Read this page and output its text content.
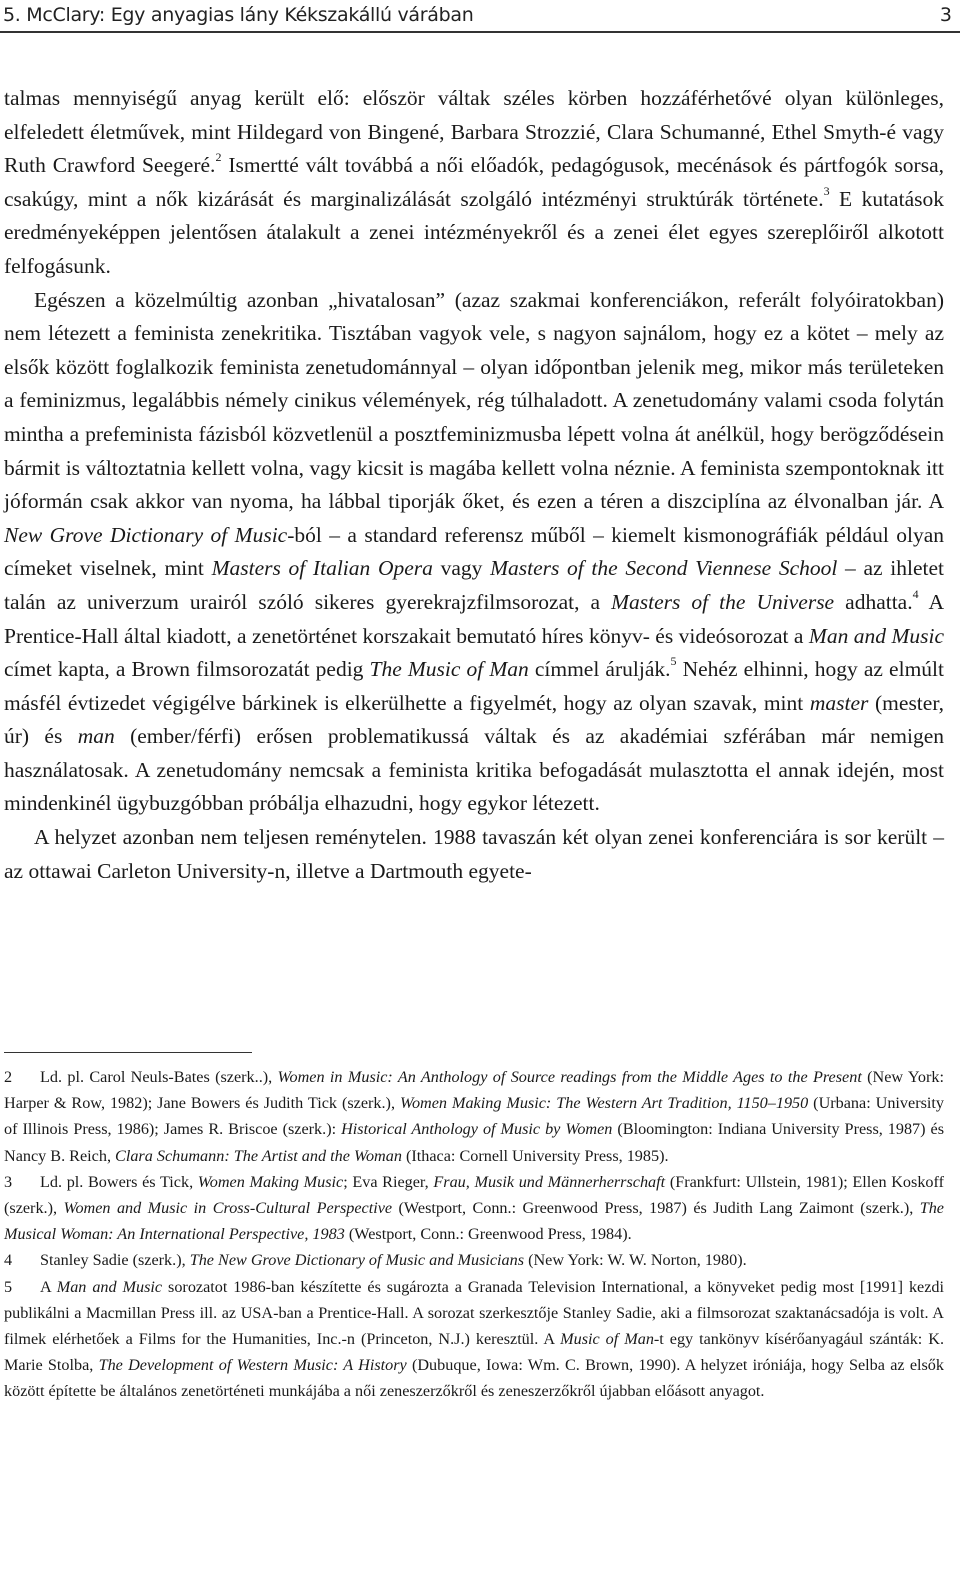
5. McClary: Egy anyagias lány Kékszakállú várában	3

talmas mennyiségű anyag került elő: először váltak széles körben hozzáférhetővé olyan különleges, elfeledett életművek, mint Hildegard von Bingené, Barbara Strozzié, Clara Schumanné, Ethel Smyth-é vagy Ruth Crawford Seegeré.$^2$ Ismertté vált továbbá a női előadók, pedagógusok, mecénások és pártfogók sorsa, csakúgy, mint a nők kizárását és marginalizálását szolgáló intézményi struktúrák története.$^3$ E kutatások eredményeképpen jelentősen átalakult a zenei intézményekről és a zenei élet egyes szereplőiről alkotott felfogásunk.

Egészen a közelmúltig azonban „hivatalosan” (azaz szakmai konferenciákon, referált folyóiratokban) nem létezett a feminista zenekritika. Tisztában vagyok vele, s nagyon sajnálom, hogy ez a kötet – mely az elsők között foglalkozik feminista zenetudománnyal – olyan időpontban jelenik meg, mikor más területeken a feminizmus, legalábbis némely cinikus vélemények, rég túlhaladott. A zenetudomány valami csoda folytán mintha a prefeminista fázisból közvetlenül a posztfeminizmusba lépett volna át anélkül, hogy berögződésein bármit is változtatnia kellett volna, vagy kicsit is magába kellett volna néznie. A feminista szempontoknak itt jóformán csak akkor van nyoma, ha lábbal tiporják őket, és ezen a téren a diszciplína az élvonalban jár. A New Grove Dictionary of Music-ból – a standard referensz műből – kiemelt kismonográfiák például olyan címeket viselnek, mint Masters of Italian Opera vagy Masters of the Second Viennese School – az ihletet talán az univerzum urairól szóló sikeres gyerekrajzfilmsorozat, a Masters of the Universe adhatta.$^4$ A Prentice-Hall által kiadott, a zenetörténet korszakait bemutató híres könyv- és videósorozat a Man and Music címet kapta, a Brown filmsorozatát pedig The Music of Man címmel árulják.$^5$ Nehéz elhinni, hogy az elmúlt másfél évtizedet végigélve bárkinek is elkerülhette a figyelmét, hogy az olyan szavak, mint master (mester, úr) és man (ember/férfi) erősen problematikussá váltak és az akadémiai szférában már nemigen használatosak. A zenetudomány nemcsak a feminista kritika befogadását mulasztotta el annak idején, most mindenkinél ügybuzgóbban próbálja elhazudni, hogy egykor létezett.

A helyzet azonban nem teljesen reménytelen. 1988 tavaszán két olyan zenei konferenciára is sor került – az ottawai Carleton University-n, illetve a Dartmouth egyete-

2 Ld. pl. Carol Neuls-Bates (szerk..), Women in Music: An Anthology of Source readings from the Middle Ages to the Present (New York: Harper & Row, 1982); Jane Bowers és Judith Tick (szerk.), Women Making Music: The Western Art Tradition, 1150–1950 (Urbana: University of Illinois Press, 1986); James R. Briscoe (szerk.): Historical Anthology of Music by Women (Bloomington: Indiana University Press, 1987) és Nancy B. Reich, Clara Schumann: The Artist and the Woman (Ithaca: Cornell University Press, 1985).

3 Ld. pl. Bowers és Tick, Women Making Music; Eva Rieger, Frau, Musik und Männerherrschaft (Frankfurt: Ullstein, 1981); Ellen Koskoff (szerk.), Women and Music in Cross-Cultural Perspective (Westport, Conn.: Greenwood Press, 1987) és Judith Lang Zaimont (szerk.), The Musical Woman: An International Perspective, 1983 (Westport, Conn.: Greenwood Press, 1984).

4 Stanley Sadie (szerk.), The New Grove Dictionary of Music and Musicians (New York: W. W. Norton, 1980).

5 A Man and Music sorozatot 1986-ban készítette és sugározta a Granada Television International, a könyveket pedig most [1991] kezdi publikálni a Macmillan Press ill. az USA-ban a Prentice-Hall. A sorozat szerkesztője Stanley Sadie, aki a filmsorozat szaktanácsadója is volt. A filmek elérhetőek a Films for the Humanities, Inc.-n (Princeton, N.J.) keresztül. A Music of Man-t egy tankönyv kísérőanyagául szánták: K. Marie Stolba, The Development of Western Music: A History (Dubuque, Iowa: Wm. C. Brown, 1990). A helyzet iróniája, hogy Selba az elsők között építette be általános zenetörténeti munkájába a női zeneszerzőkről és zeneszerzőkről újabban előásott anyagot.
